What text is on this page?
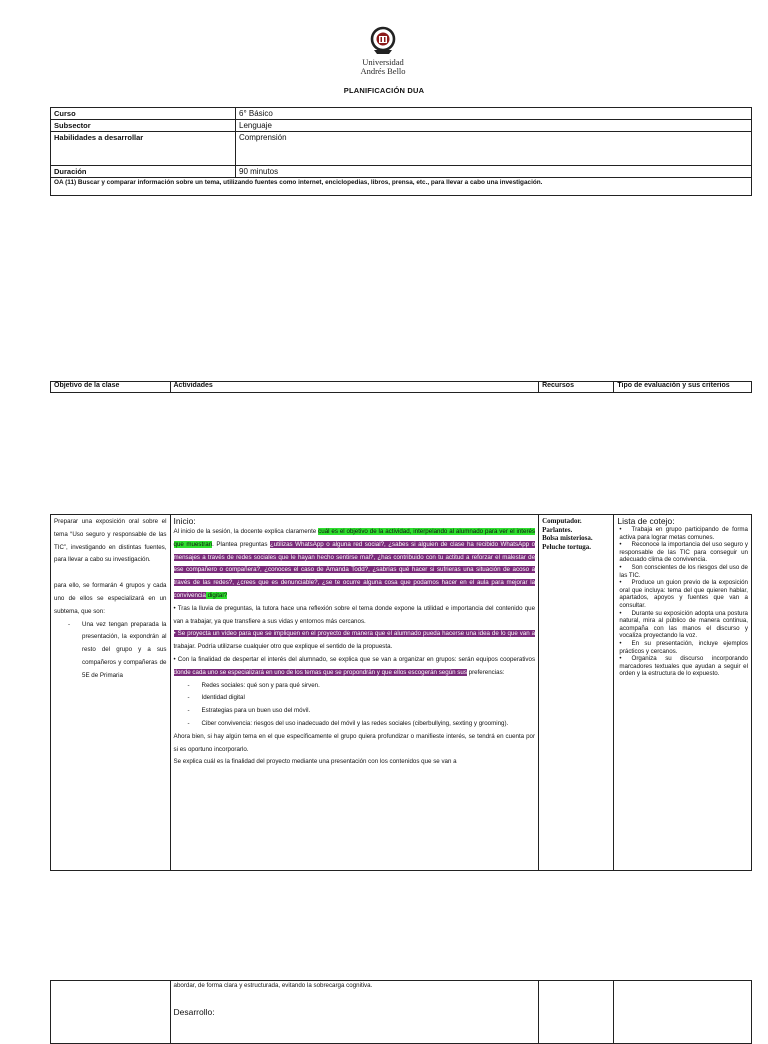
Universidad
Andrés Bello
PLANIFICACIÓN DUA
Curso	6° Básico
Subsector	Lenguaje
Habilidades a desarrollar	Comprensión
Duración	90 minutos
OA (11) Buscar y comparar información sobre un tema, utilizando fuentes como internet, enciclopedias, libros, prensa, etc., para llevar a cabo una investigación.	
Objetivo de la clase	Actividades	Recursos	Tipo de evaluación y sus criterios
Preparar una exposición oral sobre el tema “Uso seguro y responsable de las TIC”, investigando en distintas fuentes, para llevar a cabo su investigación.
para ello, se formarán 4 grupos y cada uno de ellos se especializará en un subtema, que son:
- Una vez tengan preparada la presentación, la expondrán al resto del grupo y a sus compañeros y compañeras de 5E de Primaria

Inicio:
Al inicio de la sesión, la docente explica claramente cuál es el objetivo de la actividad, interpelando al alumnado para ver el interés que muestran. Plantea preguntas ¿utilizas WhatsApp o alguna red social?, ¿sabes si alguien de clase ha recibido WhatsApp o mensajes a través de redes sociales que le hayan hecho sentirse mal?, ¿has contribuido con tu actitud a reforzar el malestar de ese compañero o compañera?, ¿conoces el caso de Amanda Todd?, ¿sabrías qué hacer si sufrieras una situación de acoso a través de las redes?, ¿crees que es denunciable?, ¿se te ocurre alguna cosa que podamos hacer en el aula para mejorar la convivencia digital?
• Tras la lluvia de preguntas, la tutora hace una reflexión sobre el tema donde expone la utilidad e importancia del contenido que van a trabajar, ya que transfiere a sus vidas y entornos más cercanos.
• Se proyecta un vídeo para que se impliquen en el proyecto de manera que el alumnado pueda hacerse una idea de lo que van a trabajar. Podría utilizarse cualquier otro que explique el sentido de la propuesta.
• Con la finalidad de despertar el interés del alumnado, se explica que se van a organizar en grupos: serán equipos cooperativos donde cada uno se especializará en uno de los temas que se propondrán y que ellos escogerán según sus preferencias:
- Redes sociales: qué son y para qué sirven.
- Identidad digital
- Estrategias para un buen uso del móvil.
- Ciber convivencia: riesgos del uso inadecuado del móvil y las redes sociales (ciberbullying, sexting y grooming).
Ahora bien, si hay algún tema en el que específicamente el grupo quiera profundizar o manifieste interés, se tendrá en cuenta por si es oportuno incorporarlo.
Se explica cuál es la finalidad del proyecto mediante una presentación con los contenidos que se van a

Computador.
Parlantes.
Bolsa misteriosa.
Peluche tortuga.

Lista de cotejo:
• Trabaja en grupo participando de forma activa para lograr metas comunes.
• Reconoce la importancia del uso seguro y responsable de las TIC para conseguir un adecuado clima de convivencia.
• Son conscientes de los riesgos del uso de las TIC.
• Produce un guion previo de la exposición oral que incluya: tema del que quieren hablar, apartados, apoyos y fuentes que van a consultar.
• Durante su exposición adopta una postura natural, mira al público de manera continua, acompaña con las manos el discurso y vocaliza proyectando la voz.
• En su presentación, incluye ejemplos prácticos y cercanos.
• Organiza su discurso incorporando marcadores textuales que ayudan a seguir el orden y la estructura de lo expuesto.

abordar, de forma clara y estructurada, evitando la sobrecarga cognitiva.
Desarrollo:
